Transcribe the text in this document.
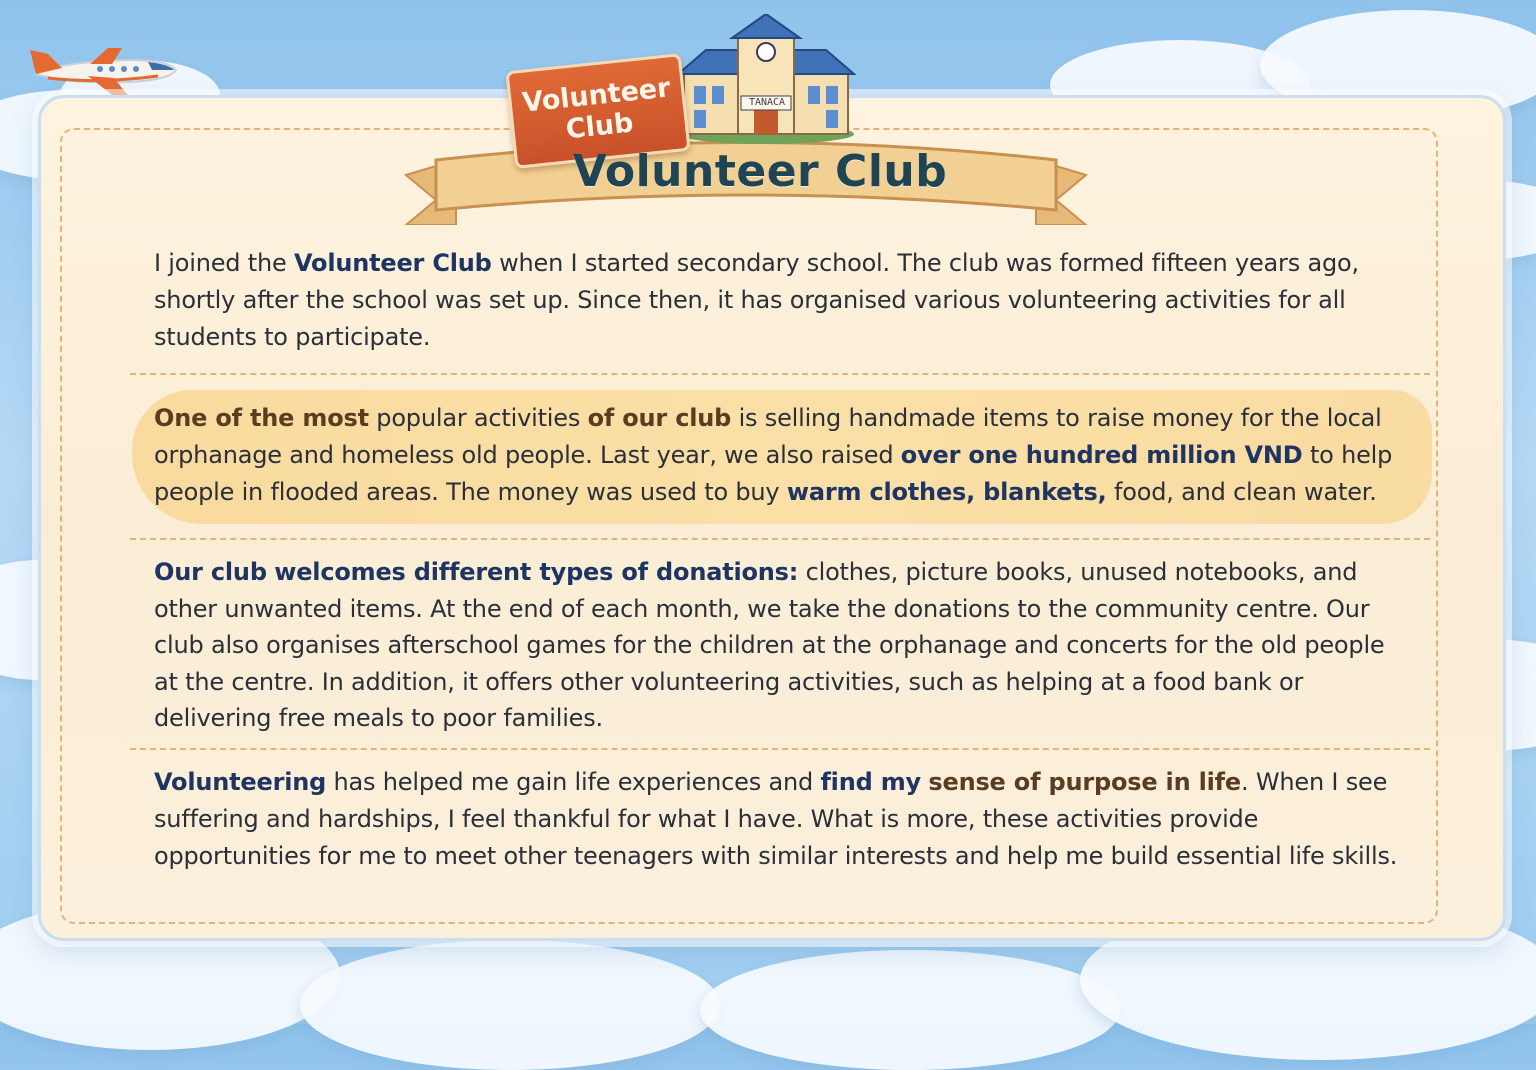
TANACA
Volunteer Club
Volunteer Club

I joined the Volunteer Club when I started secondary school. The club was formed fifteen years ago, shortly after the school was set up. Since then, it has organised various volunteering activities for all students to participate.

One of the most popular activities of our club is selling handmade items to raise money for the local orphanage and homeless old people. Last year, we also raised over one hundred million VND to help people in flooded areas. The money was used to buy warm clothes, blankets, food, and clean water.

Our club welcomes different types of donations: clothes, picture books, unused notebooks, and other unwanted items. At the end of each month, we take the donations to the community centre. Our club also organises afterschool games for the children at the orphanage and concerts for the old people at the centre. In addition, it offers other volunteering activities, such as helping at a food bank or delivering free meals to poor families.

Volunteering has helped me gain life experiences and find my sense of purpose in life. When I see suffering and hardships, I feel thankful for what I have. What is more, these activities provide opportunities for me to meet other teenagers with similar interests and help me build essential life skills.
